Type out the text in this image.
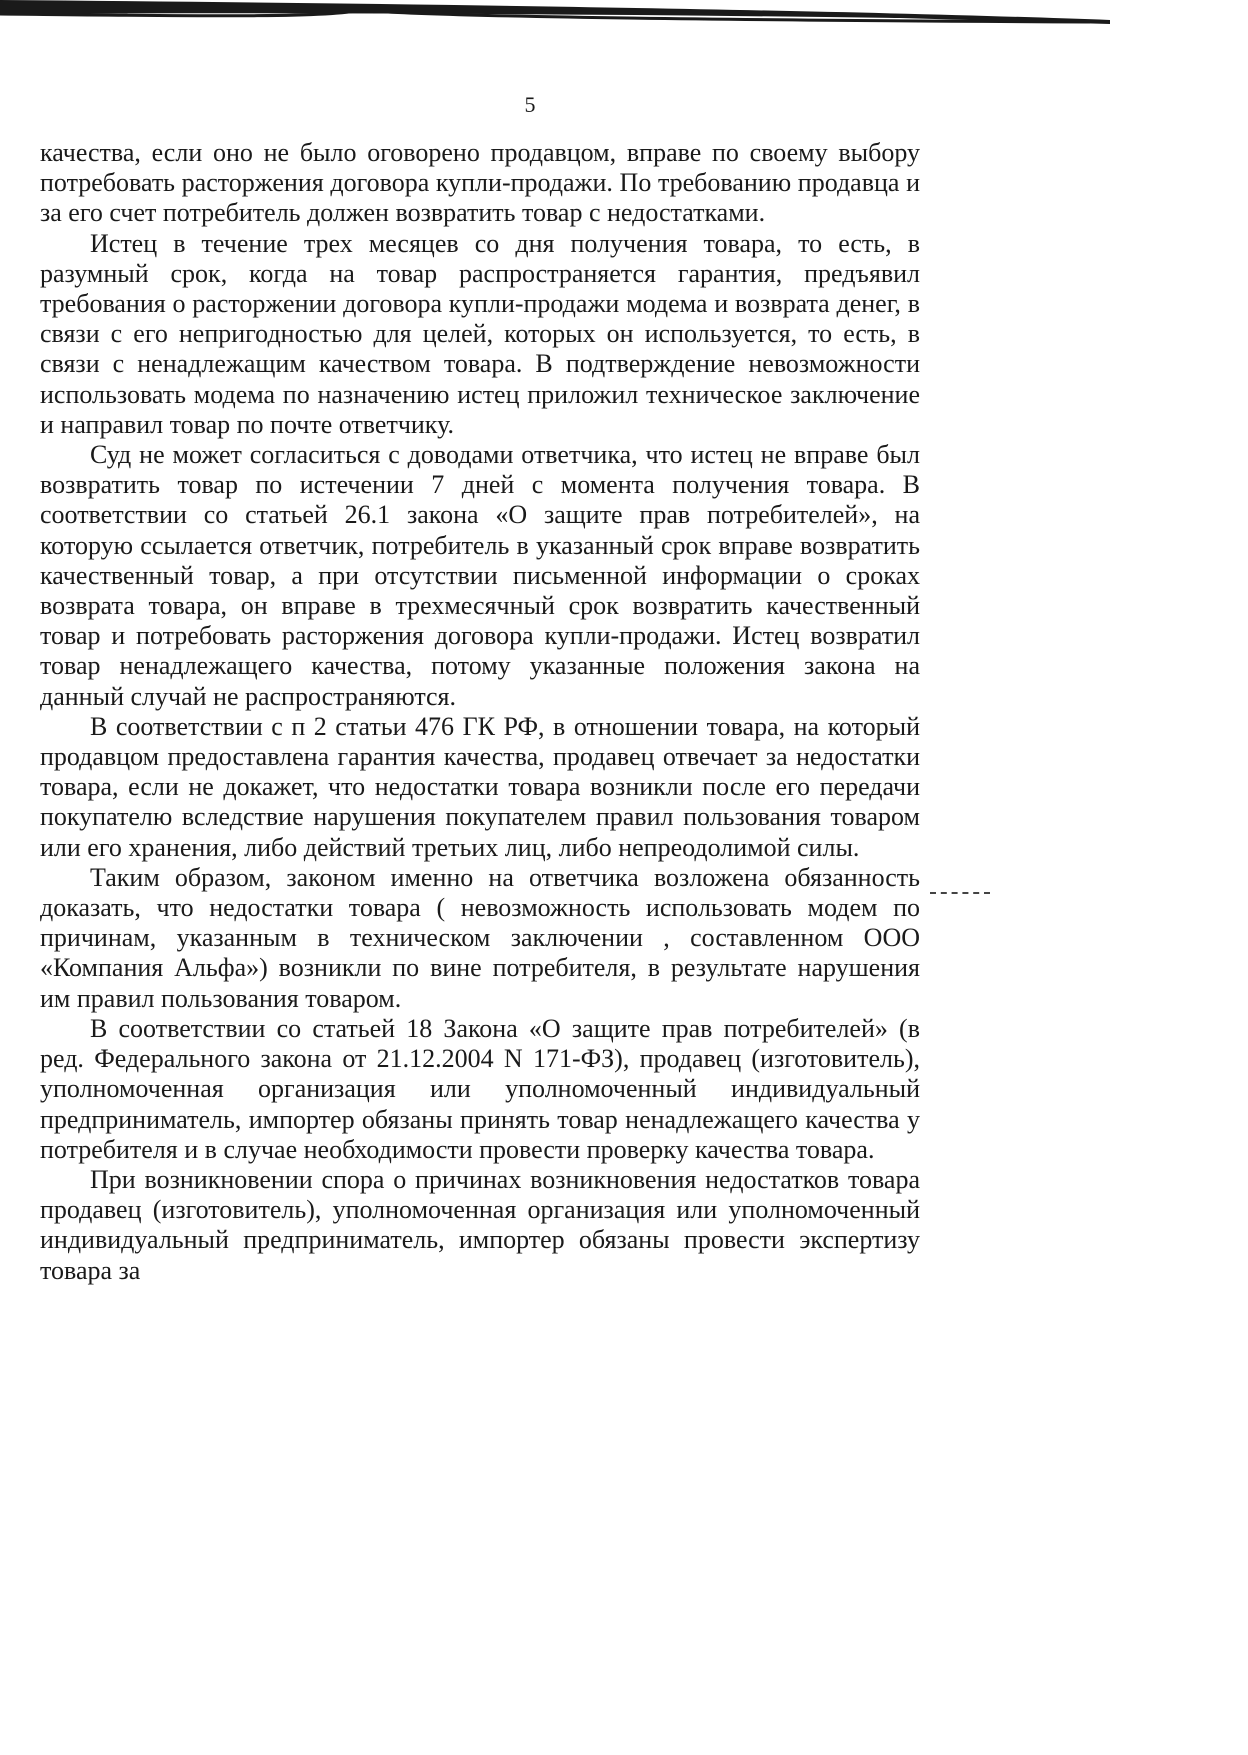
5

качества, если оно не было оговорено продавцом, вправе по своему выбору потребовать расторжения договора купли-продажи. По требованию продавца и за его счет потребитель должен возвратить товар с недостатками.

Истец в течение трех месяцев со дня получения товара, то есть, в разумный срок, когда на товар распространяется гарантия, предъявил требования о расторжении договора купли-продажи модема и возврата денег, в связи с его непригодностью для целей, которых он используется, то есть, в связи с ненадлежащим качеством товара. В подтверждение невозможности использовать модема по назначению истец приложил техническое заключение и направил товар по почте ответчику.

Суд не может согласиться с доводами ответчика, что истец не вправе был возвратить товар по истечении 7 дней с момента получения товара. В соответствии со статьей 26.1 закона «О защите прав потребителей», на которую ссылается ответчик, потребитель в указанный срок вправе возвратить качественный товар, а при отсутствии письменной информации о сроках возврата товара, он вправе в трехмесячный срок возвратить качественный товар и потребовать расторжения договора купли-продажи. Истец возвратил товар ненадлежащего качества, потому указанные положения закона на данный случай не распространяются.

В соответствии с п 2 статьи 476 ГК РФ, в отношении товара, на который продавцом предоставлена гарантия качества, продавец отвечает за недостатки товара, если не докажет, что недостатки товара возникли после его передачи покупателю вследствие нарушения покупателем правил пользования товаром или его хранения, либо действий третьих лиц, либо непреодолимой силы.

Таким образом, законом именно на ответчика возложена обязанность доказать, что недостатки товара ( невозможность использовать модем по причинам, указанным в техническом заключении , составленном ООО «Компания Альфа») возникли по вине потребителя, в результате нарушения им правил пользования товаром.

В соответствии со статьей 18 Закона «О защите прав потребителей» (в ред. Федерального закона от 21.12.2004 N 171-ФЗ), продавец (изготовитель), уполномоченная организация или уполномоченный индивидуальный предприниматель, импортер обязаны принять товар ненадлежащего качества у потребителя и в случае необходимости провести проверку качества товара.

При возникновении спора о причинах возникновения недостатков товара продавец (изготовитель), уполномоченная организация или уполномоченный индивидуальный предприниматель, импортер обязаны провести экспертизу товара за
